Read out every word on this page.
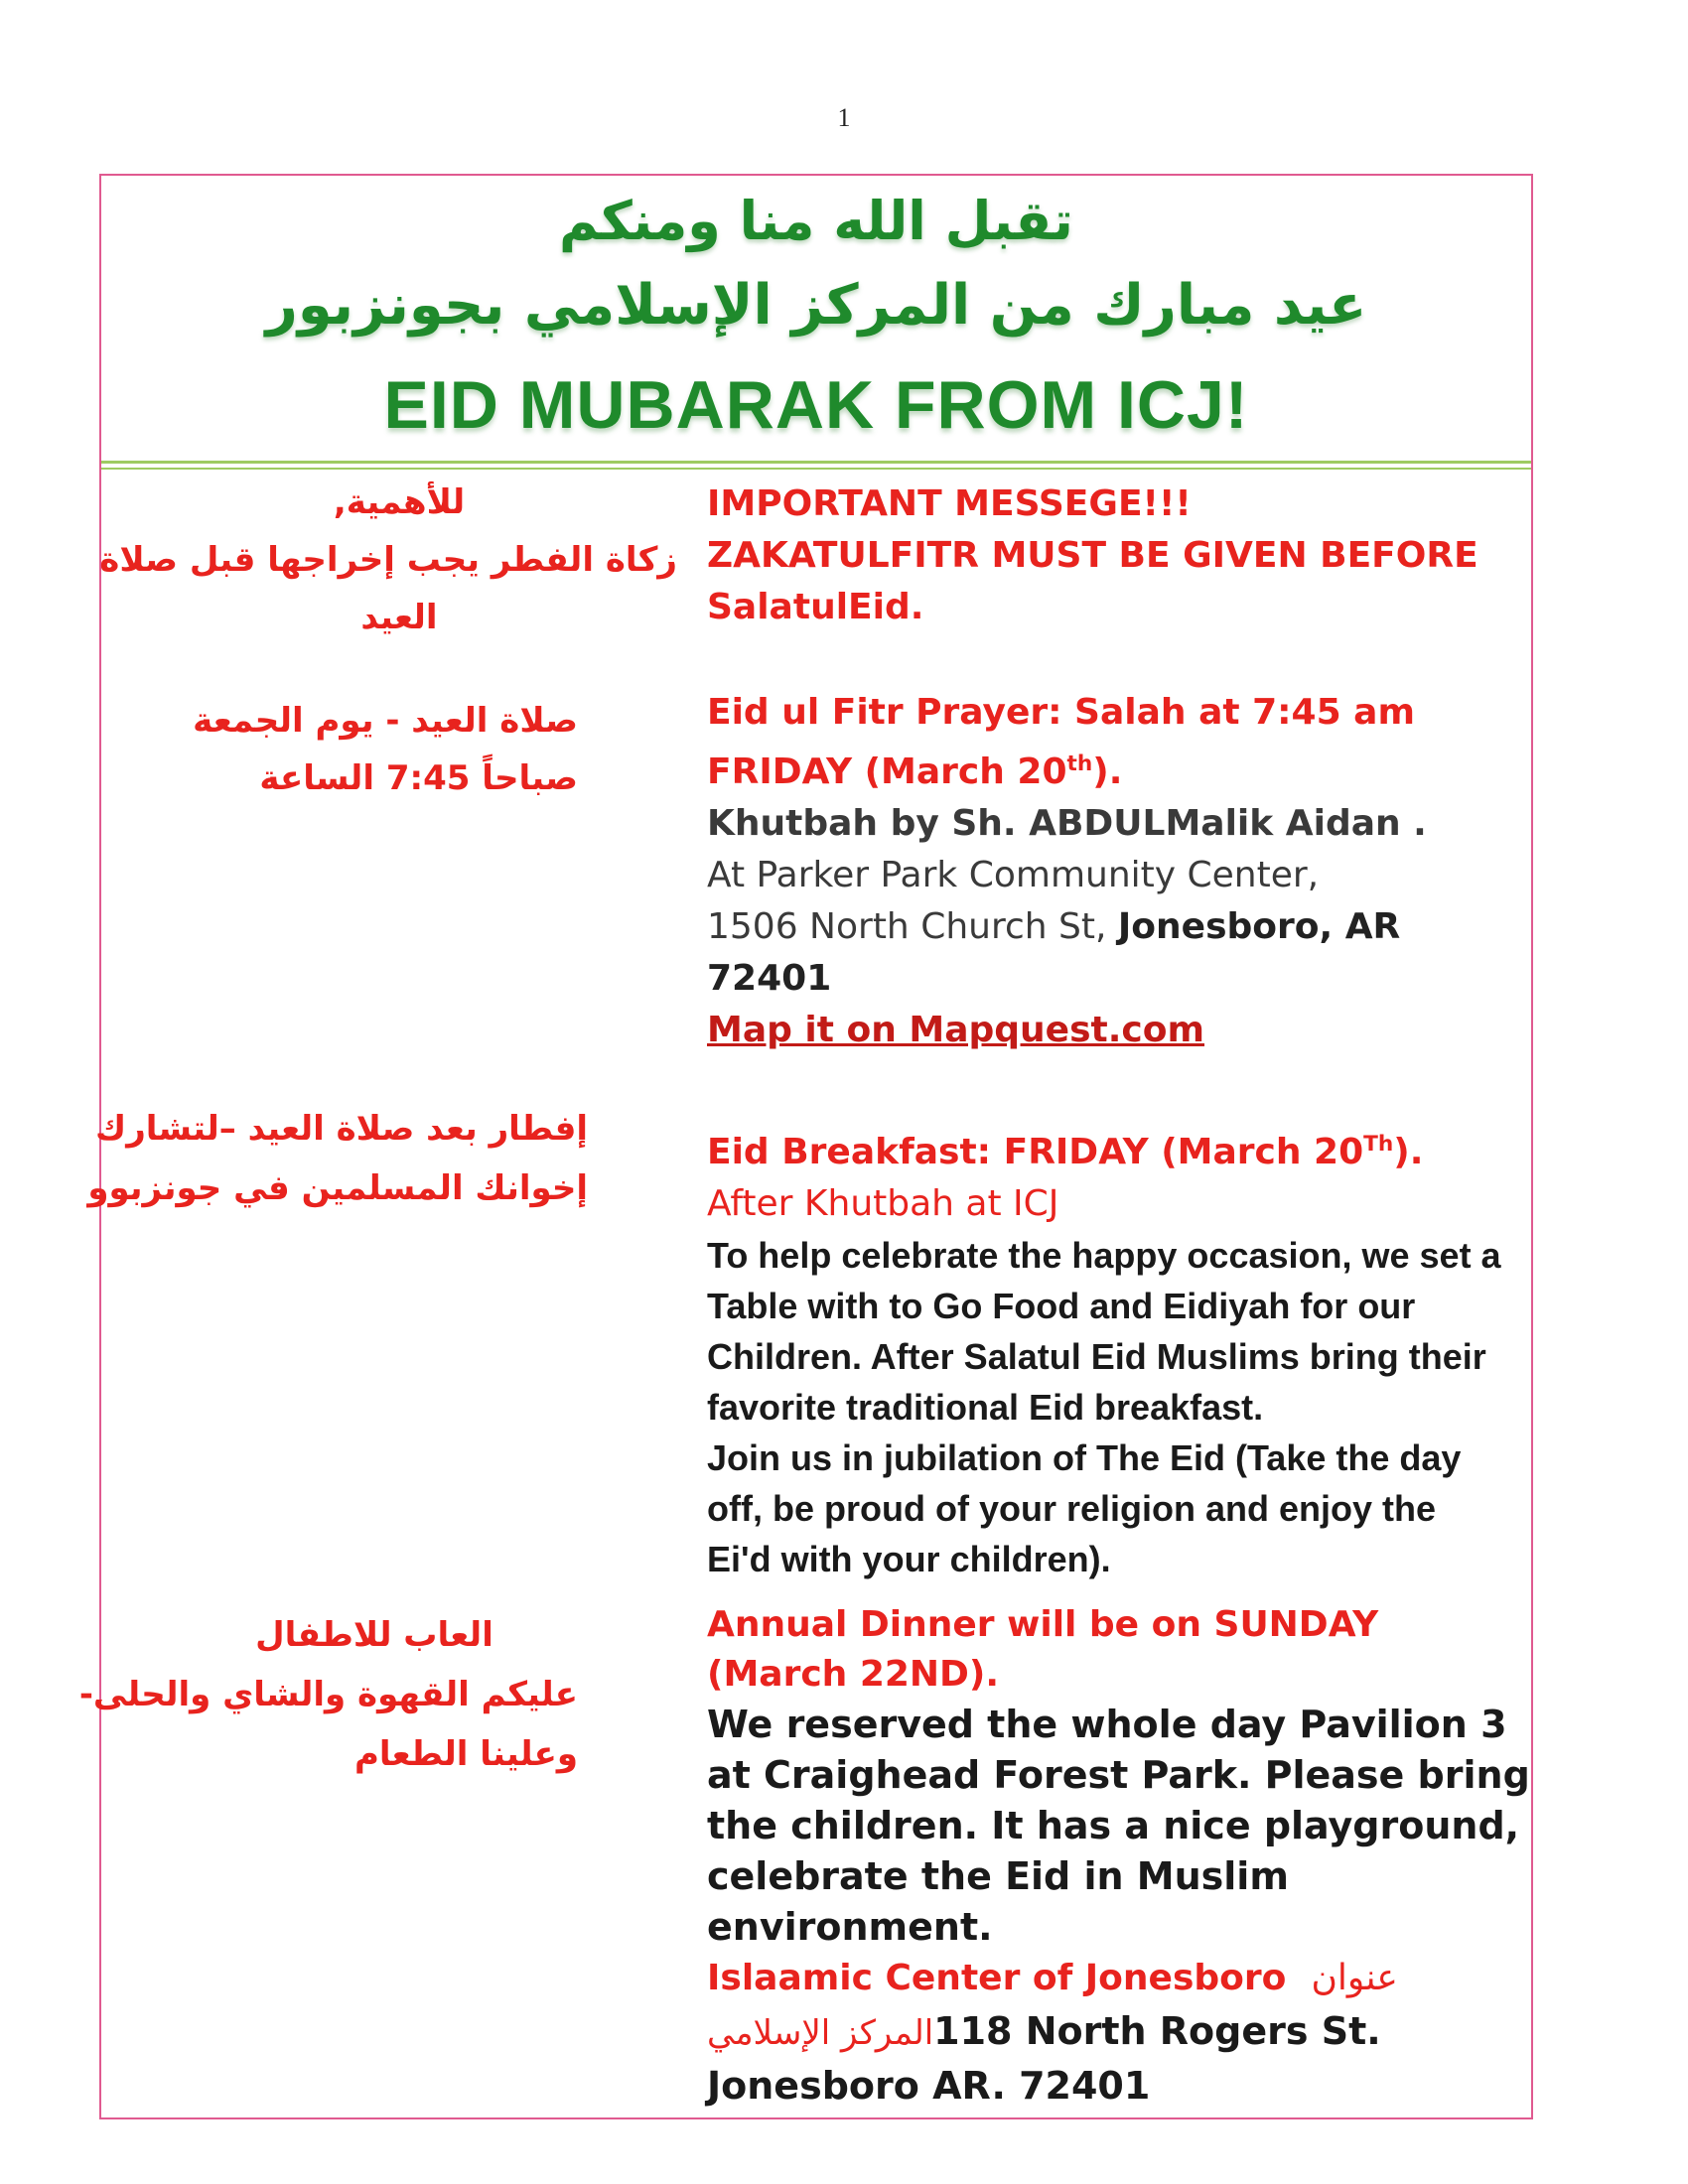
1
تقبل الله منا ومنكم
عيد مبارك من المركز الإسلامي بجونزبور
EID MUBARAK FROM ICJ!
للأهمية,
زكاة الفطر يجب إخراجها قبل صلاة
العيد
IMPORTANT MESSEGE!!!
ZAKATULFITR MUST BE GIVEN BEFORE
SalatulEid.
صلاة العيد - يوم الجمعة
صباحاً 7:45 الساعة
Eid ul Fitr Prayer: Salah at 7:45 am
FRIDAY (March 20th).
Khutbah by Sh. ABDULMalik Aidan .
At Parker Park Community Center,
1506 North Church St, Jonesboro, AR
72401
Map it on Mapquest.com
إفطار بعد صلاة العيد –لتشارك
إخوانك المسلمين في جونزبوو
Eid Breakfast: FRIDAY (March 20Th).
After Khutbah at ICJ
To help celebrate the happy occasion, we set a
Table with to Go Food and Eidiyah for our
Children. After Salatul Eid Muslims bring their
favorite traditional Eid breakfast.
Join us in jubilation of The Eid (Take the day
off, be proud of your religion and enjoy the
Ei'd with your children).
العاب للاطفال
عليكم القهوة والشاي والحلى-
وعلينا الطعام
Annual Dinner will be on SUNDAY
(March 22ND).
We reserved the whole day Pavilion 3
at Craighead Forest Park. Please bring
the children. It has a nice playground,
celebrate the Eid in Muslim
environment.
Islaamic Center of Jonesboro عنوان
المركز الإسلامي118 North Rogers St.
Jonesboro AR. 72401
